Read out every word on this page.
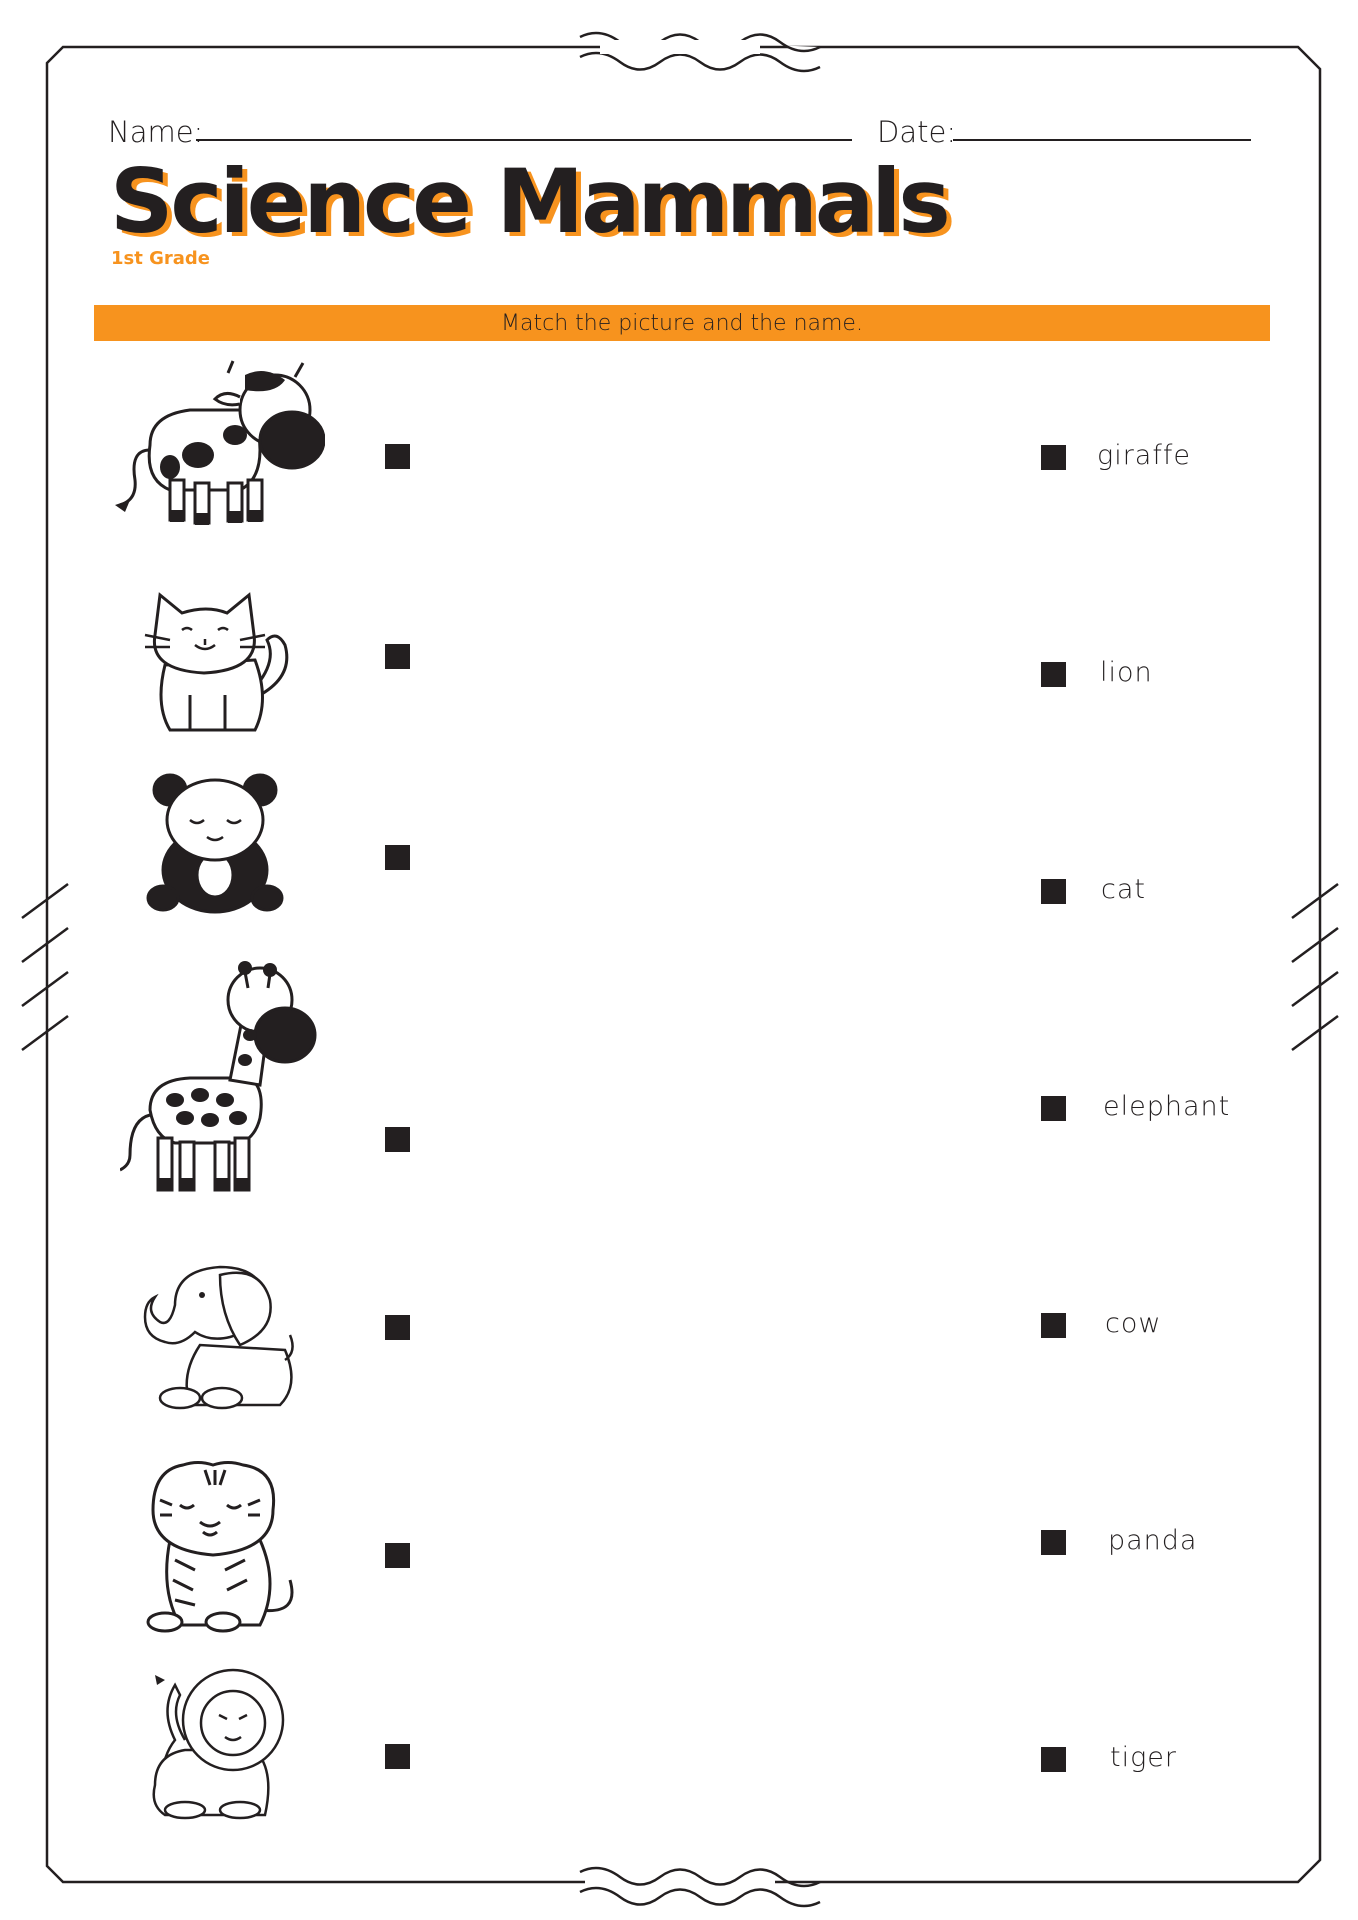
Name:	Date:
Science Mammals
1st Grade
Match the picture and the name.
giraffe
lion
cat
elephant
cow
panda
tiger
